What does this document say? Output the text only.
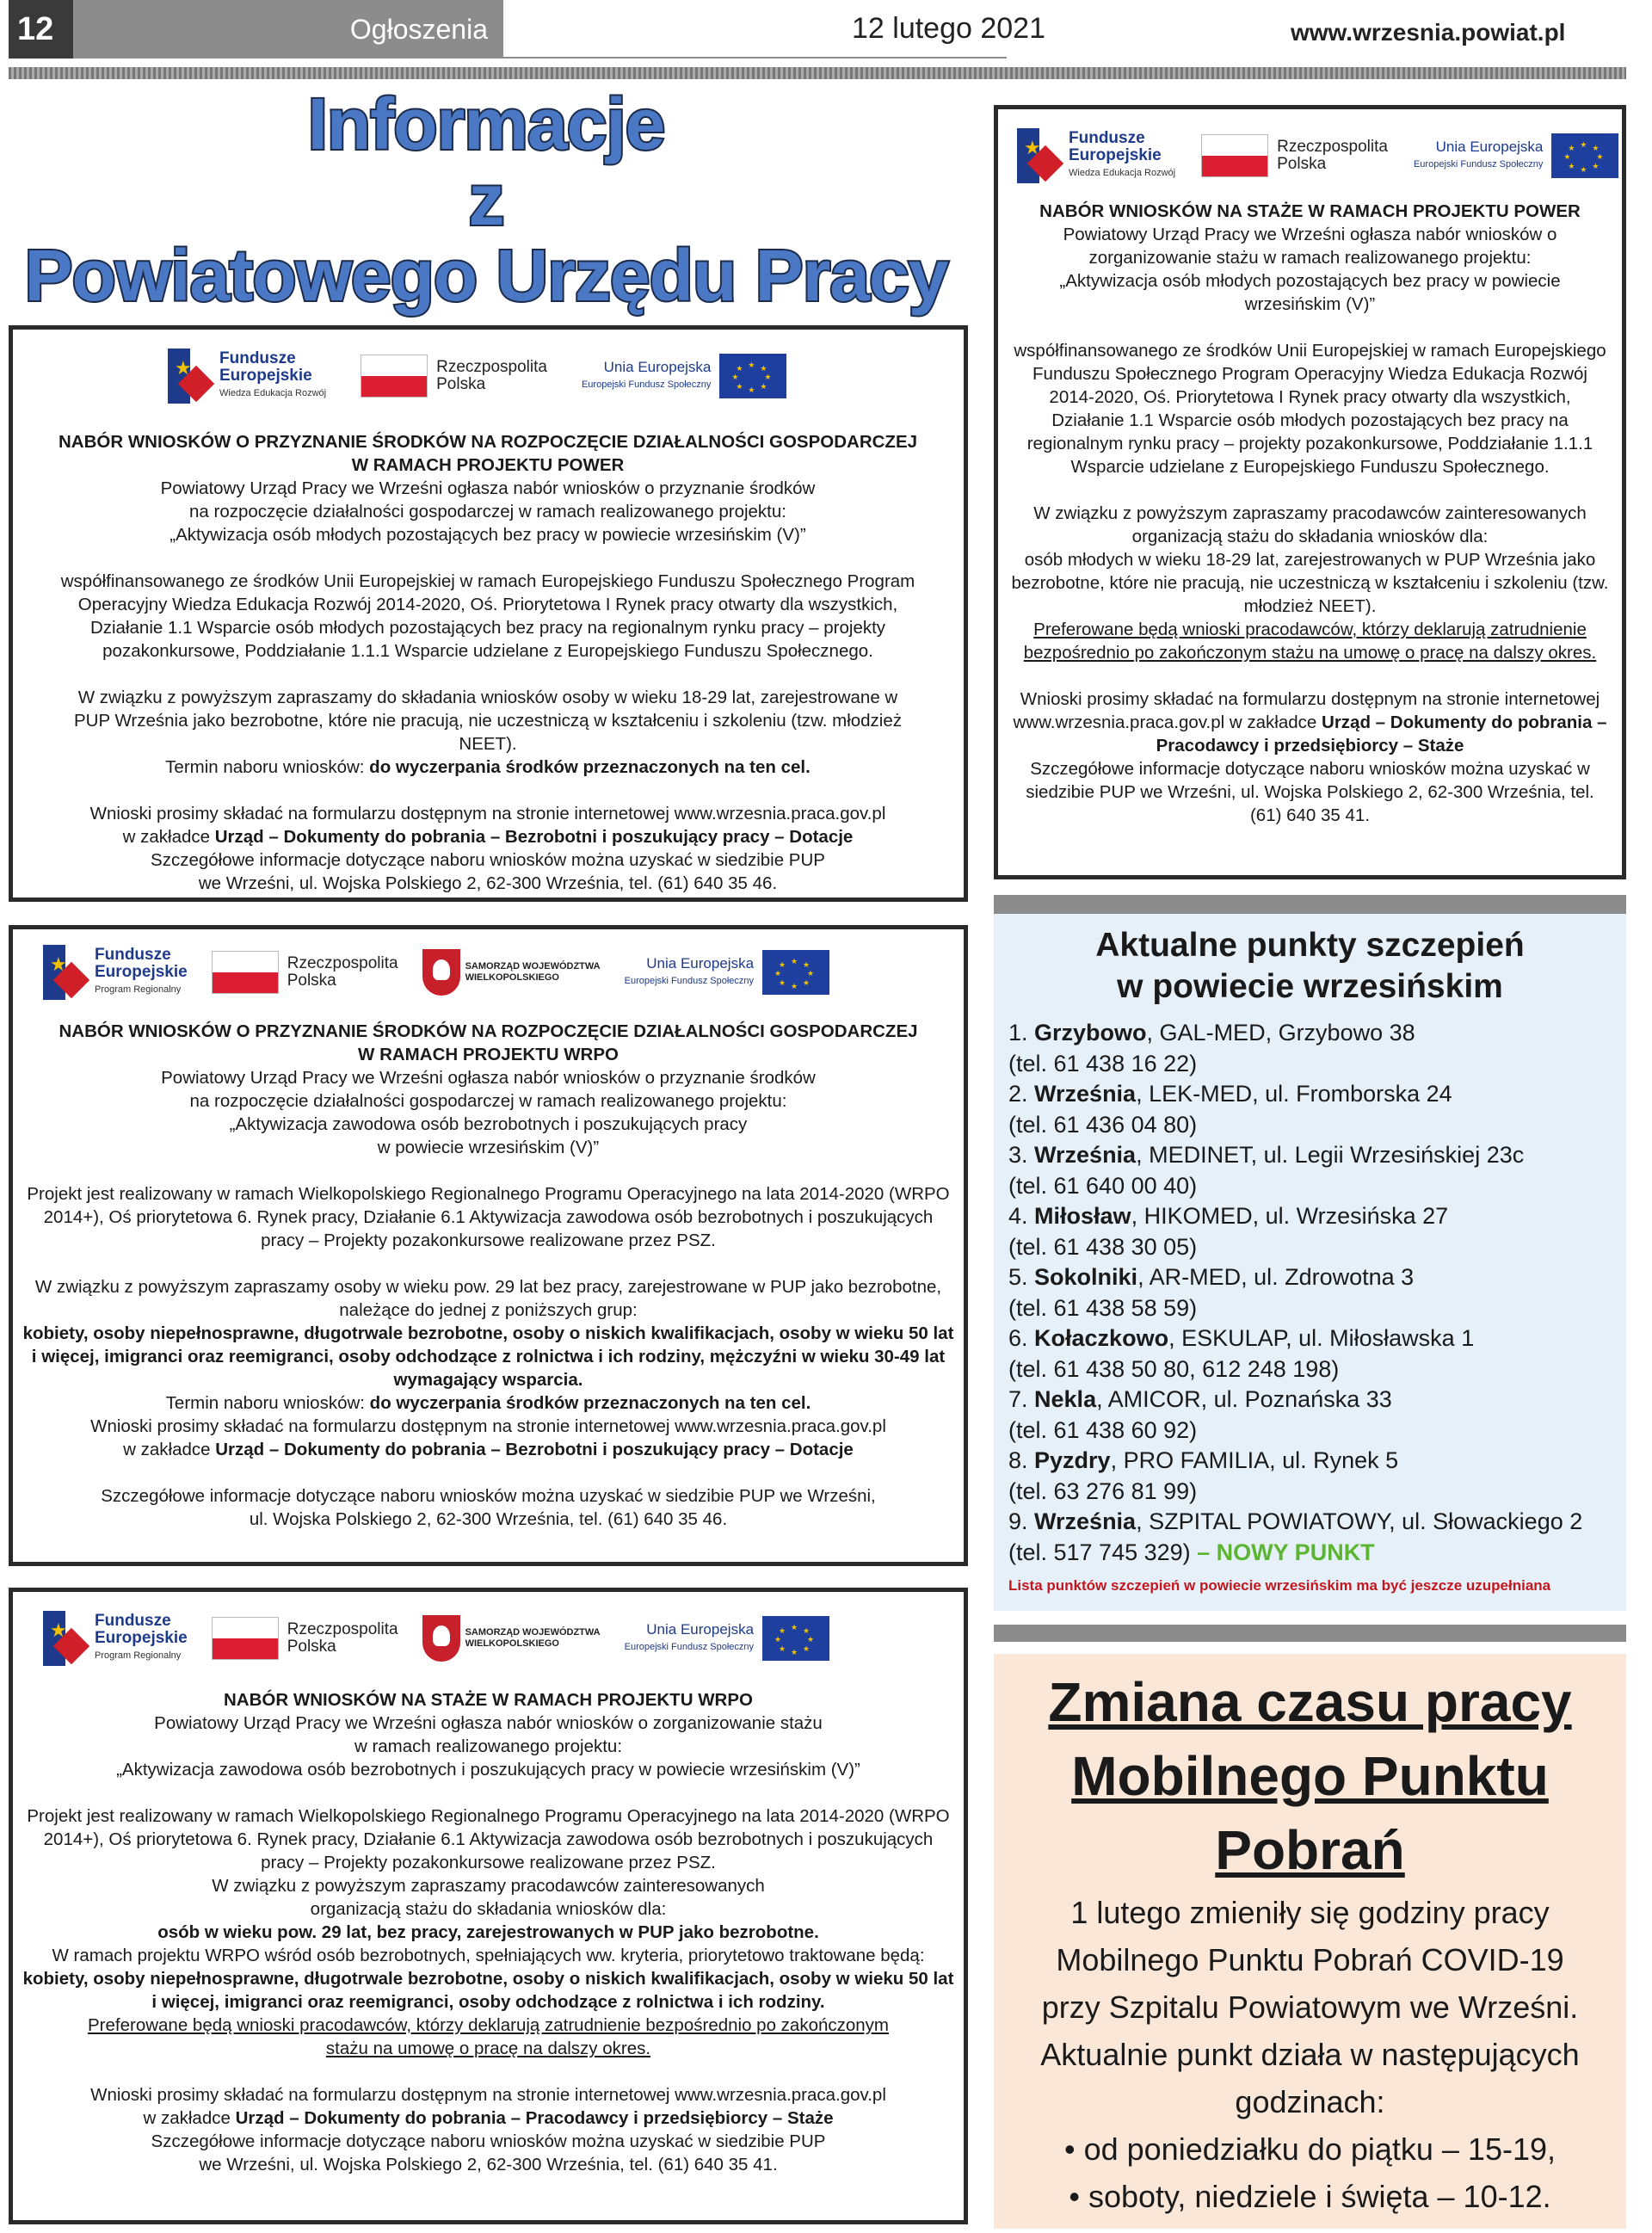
12	Ogłoszenia	12 lutego 2021	www.wrzesnia.powiat.pl
Informacje
z
Powiatowego Urzędu Pracy
★ Fundusze
Europejskie
Wiedza Edukacja Rozwój
Rzeczpospolita
Polska
Unia Europejska
Europejski Fundusz Społeczny
★ ★
★
★
★
★
★
★

NABÓR WNIOSKÓW O PRZYZNANIE ŚRODKÓW NA ROZPOCZĘCIE DZIAŁALNOŚCI GOSPODARCZEJ

W RAMACH PROJEKTU POWER

Powiatowy Urząd Pracy we Wrześni ogłasza nabór wniosków o przyznanie środków

na rozpoczęcie działalności gospodarczej w ramach realizowanego projektu:

„Aktywizacja osób młodych pozostających bez pracy w powiecie wrzesińskim (V)”

współfinansowanego ze środków Unii Europejskiej w ramach Europejskiego Funduszu Społecznego Program Operacyjny Wiedza Edukacja Rozwój 2014-2020, Oś. Priorytetowa I Rynek pracy otwarty dla wszystkich, Działanie 1.1 Wsparcie osób młodych pozostających bez pracy na regionalnym rynku pracy – projekty pozakonkursowe, Poddziałanie 1.1.1 Wsparcie udzielane z Europejskiego Funduszu Społecznego.

W związku z powyższym zapraszamy do składania wniosków osoby w wieku 18-29 lat, zarejestrowane w PUP Września jako bezrobotne, które nie pracują, nie uczestniczą w kształceniu i szkoleniu (tzw. młodzież NEET).

Termin naboru wniosków: do wyczerpania środków przeznaczonych na ten cel.

Wnioski prosimy składać na formularzu dostępnym na stronie internetowej www.wrzesnia.praca.gov.pl

w zakładce Urząd – Dokumenty do pobrania – Bezrobotni i poszukujący pracy – Dotacje

Szczegółowe informacje dotyczące naboru wniosków można uzyskać w siedzibie PUP

we Wrześni, ul. Wojska Polskiego 2, 62-300 Września, tel. (61) 640 35 46.

★ Fundusze
Europejskie
Wiedza Edukacja Rozwój
Rzeczpospolita
Polska
Unia Europejska
Europejski Fundusz Społeczny
★ ★
★
★
★
★
★
★

NABÓR WNIOSKÓW NA STAŻE W RAMACH PROJEKTU POWER

Powiatowy Urząd Pracy we Wrześni ogłasza nabór wniosków o zorganizowanie stażu w ramach realizowanego projektu:

„Aktywizacja osób młodych pozostających bez pracy w powiecie wrzesińskim (V)”

współfinansowanego ze środków Unii Europejskiej w ramach Europejskiego Funduszu Społecznego Program Operacyjny Wiedza Edukacja Rozwój 2014-2020, Oś. Priorytetowa I Rynek pracy otwarty dla wszystkich, Działanie 1.1 Wsparcie osób młodych pozostających bez pracy na regionalnym rynku pracy – projekty pozakonkursowe, Poddziałanie 1.1.1 Wsparcie udzielane z Europejskiego Funduszu Społecznego.

W związku z powyższym zapraszamy pracodawców zainteresowanych organizacją stażu do składania wniosków dla:

osób młodych w wieku 18-29 lat, zarejestrowanych w PUP Września jako bezrobotne, które nie pracują, nie uczestniczą w kształceniu i szkoleniu (tzw. młodzież NEET).

Preferowane będą wnioski pracodawców, którzy deklarują zatrudnienie bezpośrednio po zakończonym stażu na umowę o pracę na dalszy okres.

Wnioski prosimy składać na formularzu dostępnym na stronie internetowej www.wrzesnia.praca.gov.pl w zakładce Urząd – Dokumenty do pobrania – Pracodawcy i przedsiębiorcy – Staże

Szczegółowe informacje dotyczące naboru wniosków można uzyskać w siedzibie PUP we Wrześni, ul. Wojska Polskiego 2, 62-300 Września, tel. (61) 640 35 41.

★ Fundusze
Europejskie
Program Regionalny
Rzeczpospolita
Polska
SAMORZĄD WOJEWÓDZTWA
WIELKOPOLSKIEGO
Unia Europejska
Europejski Fundusz Społeczny
★ ★
★
★
★
★
★
★

NABÓR WNIOSKÓW O PRZYZNANIE ŚRODKÓW NA ROZPOCZĘCIE DZIAŁALNOŚCI GOSPODARCZEJ

W RAMACH PROJEKTU WRPO

Powiatowy Urząd Pracy we Wrześni ogłasza nabór wniosków o przyznanie środków

na rozpoczęcie działalności gospodarczej w ramach realizowanego projektu:

„Aktywizacja zawodowa osób bezrobotnych i poszukujących pracy

w powiecie wrzesińskim (V)”

Projekt jest realizowany w ramach Wielkopolskiego Regionalnego Programu Operacyjnego na lata 2014-2020 (WRPO 2014+), Oś priorytetowa 6. Rynek pracy, Działanie 6.1 Aktywizacja zawodowa osób bezrobotnych i poszukujących pracy – Projekty pozakonkursowe realizowane przez PSZ.

W związku z powyższym zapraszamy osoby w wieku pow. 29 lat bez pracy, zarejestrowane w PUP jako bezrobotne, należące do jednej z poniższych grup:

kobiety, osoby niepełnosprawne, długotrwale bezrobotne, osoby o niskich kwalifikacjach, osoby w wieku 50 lat i więcej, imigranci oraz reemigranci, osoby odchodzące z rolnictwa i ich rodziny, mężczyźni w wieku 30-49 lat wymagający wsparcia.

Termin naboru wniosków: do wyczerpania środków przeznaczonych na ten cel.

Wnioski prosimy składać na formularzu dostępnym na stronie internetowej www.wrzesnia.praca.gov.pl

w zakładce Urząd – Dokumenty do pobrania – Bezrobotni i poszukujący pracy – Dotacje

Szczegółowe informacje dotyczące naboru wniosków można uzyskać w siedzibie PUP we Wrześni,

ul. Wojska Polskiego 2, 62-300 Września, tel. (61) 640 35 46.

★ Fundusze
Europejskie
Program Regionalny
Rzeczpospolita
Polska
SAMORZĄD WOJEWÓDZTWA
WIELKOPOLSKIEGO
Unia Europejska
Europejski Fundusz Społeczny
★ ★
★
★
★
★
★
★

NABÓR WNIOSKÓW NA STAŻE W RAMACH PROJEKTU WRPO

Powiatowy Urząd Pracy we Wrześni ogłasza nabór wniosków o zorganizowanie stażu

w ramach realizowanego projektu:

„Aktywizacja zawodowa osób bezrobotnych i poszukujących pracy w powiecie wrzesińskim (V)”

Projekt jest realizowany w ramach Wielkopolskiego Regionalnego Programu Operacyjnego na lata 2014-2020 (WRPO 2014+), Oś priorytetowa 6. Rynek pracy, Działanie 6.1 Aktywizacja zawodowa osób bezrobotnych i poszukujących pracy – Projekty pozakonkursowe realizowane przez PSZ.

W związku z powyższym zapraszamy pracodawców zainteresowanych organizacją stażu do składania wniosków dla:

osób w wieku pow. 29 lat, bez pracy, zarejestrowanych w PUP jako bezrobotne.

W ramach projektu WRPO wśród osób bezrobotnych, spełniających ww. kryteria, priorytetowo traktowane będą:

kobiety, osoby niepełnosprawne, długotrwale bezrobotne, osoby o niskich kwalifikacjach, osoby w wieku 50 lat i więcej, imigranci oraz reemigranci, osoby odchodzące z rolnictwa i ich rodziny.

Preferowane będą wnioski pracodawców, którzy deklarują zatrudnienie bezpośrednio po zakończonym stażu na umowę o pracę na dalszy okres.

Wnioski prosimy składać na formularzu dostępnym na stronie internetowej www.wrzesnia.praca.gov.pl

w zakładce Urząd – Dokumenty do pobrania – Pracodawcy i przedsiębiorcy – Staże

Szczegółowe informacje dotyczące naboru wniosków można uzyskać w siedzibie PUP

we Wrześni, ul. Wojska Polskiego 2, 62-300 Września, tel. (61) 640 35 41.

Aktualne punkty szczepień
w powiecie wrzesińskim
1. Grzybowo, GAL-MED, Grzybowo 38
(tel. 61 438 16 22)
2. Września, LEK-MED, ul. Fromborska 24
(tel. 61 436 04 80)
3. Września, MEDINET, ul. Legii Wrzesińskiej 23c
(tel. 61 640 00 40)
4. Miłosław, HIKOMED, ul. Wrzesińska 27
(tel. 61 438 30 05)
5. Sokolniki, AR-MED, ul. Zdrowotna 3
(tel. 61 438 58 59)
6. Kołaczkowo, ESKULAP, ul. Miłosławska 1
(tel. 61 438 50 80, 612 248 198)
7. Nekla, AMICOR, ul. Poznańska 33
(tel. 61 438 60 92)
8. Pyzdry, PRO FAMILIA, ul. Rynek 5
(tel. 63 276 81 99)
9. Września, SZPITAL POWIATOWY, ul. Słowackiego 2
(tel. 517 745 329) – NOWY PUNKT
Lista punktów szczepień w powiecie wrzesińskim ma być jeszcze uzupełniana
Zmiana czasu pracy
Mobilnego Punktu
Pobrań
1 lutego zmieniły się godziny pracy
Mobilnego Punktu Pobrań COVID-19
przy Szpitalu Powiatowym we Wrześni.
Aktualnie punkt działa w następujących
godzinach:
• od poniedziałku do piątku – 15-19,
• soboty, niedziele i święta – 10-12.
